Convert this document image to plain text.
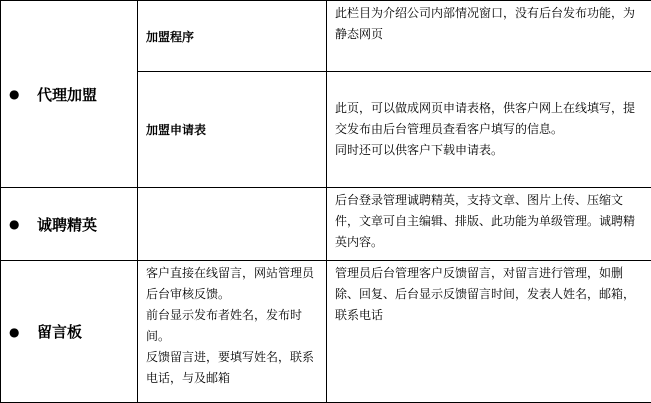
● 代理加盟	加盟程序	此栏目为介绍公司内部情况窗口，没有后台发布功能，为静态网页

	加盟申请表	此页，可以做成网页申请表格，供客户网上在线填写，提交发布由后台管理员查看客户填写的信息。

同时还可以供客户下载申请表。

● 诚聘精英		后台登录管理诚聘精英，支持文章、图片上传、压缩文件，文章可自主编辑、排版、此功能为单级管理。诚聘精英内容。

● 留言板	客户直接在线留言，网站管理员后台审核反馈。

前台显示发布者姓名，发布时间。

反馈留言进，要填写姓名，联系电话，与及邮箱	管理员后台管理客户反馈留言，对留言进行管理，如删除、回复、后台显示反馈留言时间，发表人姓名，邮箱，联系电话
